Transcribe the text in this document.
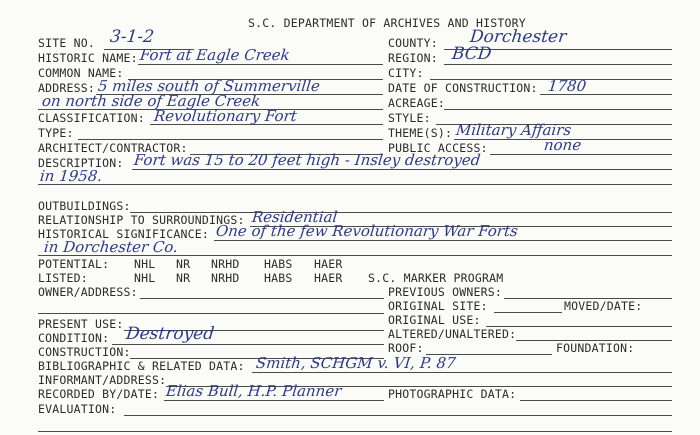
S.C. DEPARTMENT OF ARCHIVES AND HISTORY
SITE NO. 3-1-2
HISTORIC NAME: Fort at Eagle Creek
COMMON NAME:
ADDRESS: 5 miles south of Summerville
on north side of Eagle Creek
CLASSIFICATION: Revolutionary Fort
TYPE:
ARCHITECT/CONTRACTOR:
DESCRIPTION: Fort was 15 to 20 feet high - Insley destroyed
in 1958.
COUNTY: Dorchester
REGION: BCD
CITY:
DATE OF CONSTRUCTION: 1780
ACREAGE:
STYLE:
THEME(S): Military Affairs
PUBLIC ACCESS:	none
OUTBUILDINGS:
RELATIONSHIP TO SURROUNDINGS: Residential
HISTORICAL SIGNIFICANCE: One of the few Revolutionary War Forts
in Dorchester Co.
POTENTIAL: NHL NR NRHD HABS HAER
LISTED:	NHL NR NRHD HABS HAER S.C. MARKER PROGRAM
OWNER/ADDRESS:	PREVIOUS OWNERS:
ORIGINAL SITE:	MOVED/DATE:
ORIGINAL USE:
PRESENT USE:
ALTERED/UNALTERED:
CONDITION: Destroyed
ROOF:	FOUNDATION:
CONSTRUCTION:
BIBLIOGRAPHIC & RELATED DATA: Smith, SCHGM v. VI, P. 87
INFORMANT/ADDRESS:
RECORDED BY/DATE: Elias Bull, H.P. Planner	PHOTOGRAPHIC DATA:
EVALUATION:
